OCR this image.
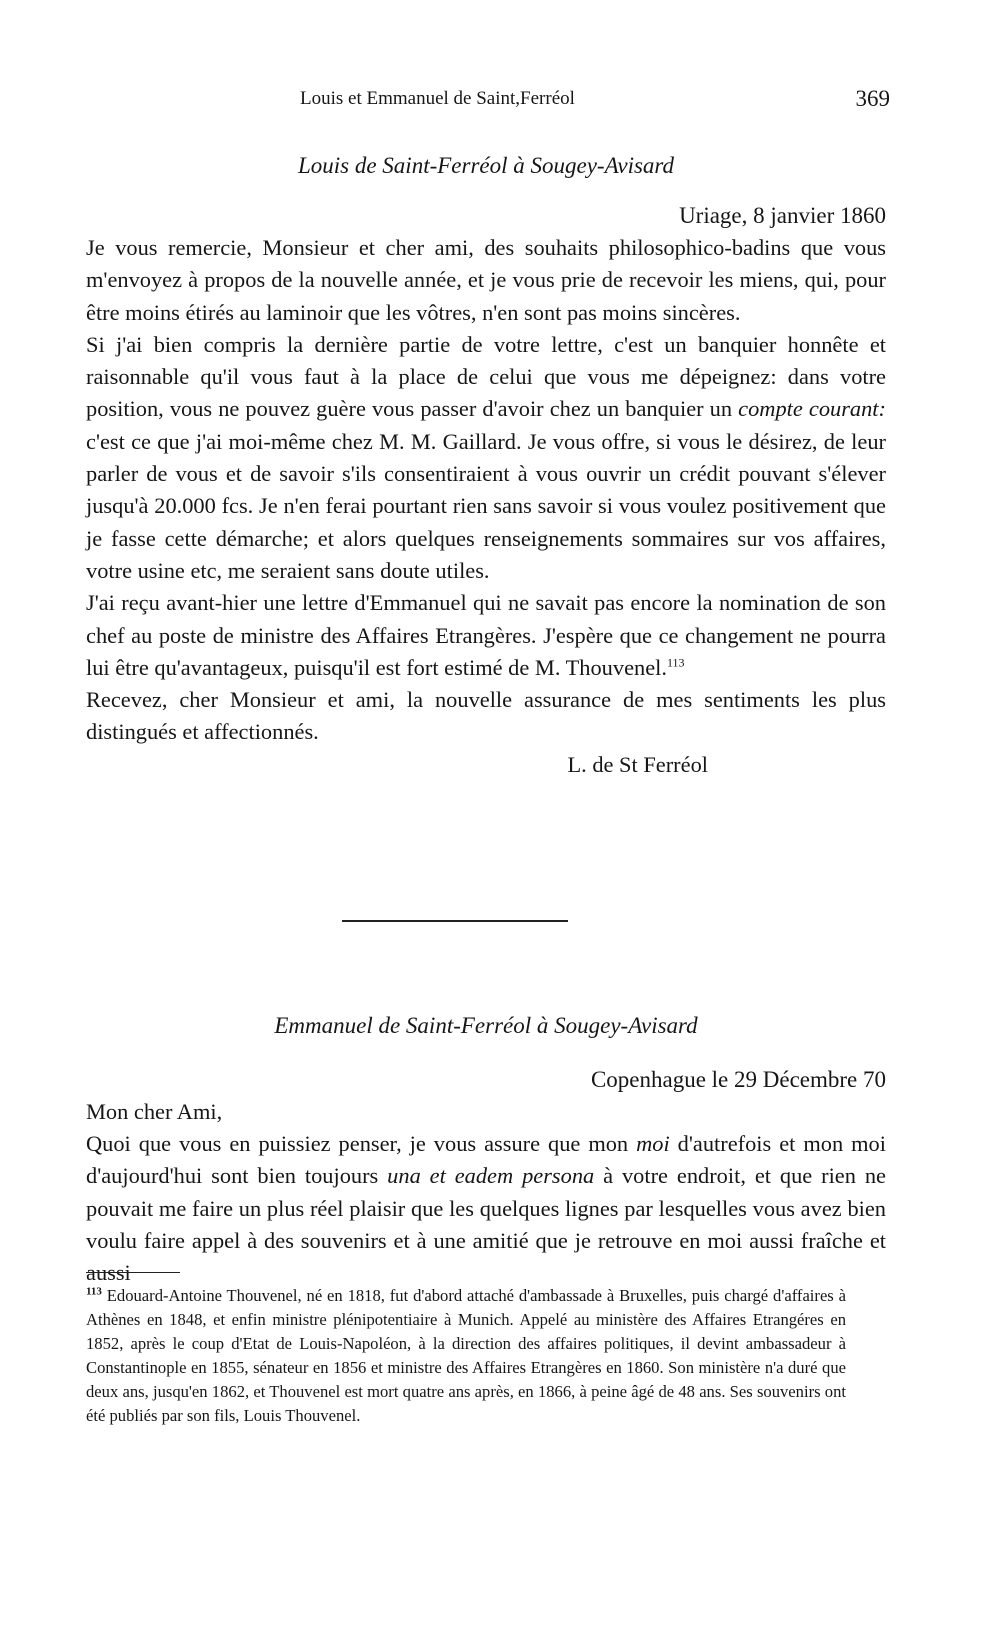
Louis et Emmanuel de Saint,Ferréol	369

Louis de Saint-Ferréol à Sougey-Avisard

Uriage, 8 janvier 1860

Je vous remercie, Monsieur et cher ami, des souhaits philosophico-badins que vous m'envoyez à propos de la nouvelle année, et je vous prie de recevoir les miens, qui, pour être moins étirés au laminoir que les vôtres, n'en sont pas moins sincères.

Si j'ai bien compris la dernière partie de votre lettre, c'est un banquier honnête et raisonnable qu'il vous faut à la place de celui que vous me dépeignez: dans votre position, vous ne pouvez guère vous passer d'avoir chez un banquier un compte courant: c'est ce que j'ai moi-même chez M. M. Gaillard. Je vous offre, si vous le désirez, de leur parler de vous et de savoir s'ils consentiraient à vous ouvrir un crédit pouvant s'élever jusqu'à 20.000 fcs. Je n'en ferai pourtant rien sans savoir si vous voulez positivement que je fasse cette démarche; et alors quelques renseignements sommaires sur vos affaires, votre usine etc, me seraient sans doute utiles.

J'ai reçu avant-hier une lettre d'Emmanuel qui ne savait pas encore la nomination de son chef au poste de ministre des Affaires Etrangères. J'espère que ce changement ne pourra lui être qu'avantageux, puisqu'il est fort estimé de M. Thouvenel.$^{113}$

Recevez, cher Monsieur et ami, la nouvelle assurance de mes sentiments les plus distingués et affectionnés.

L. de St Ferréol

Emmanuel de Saint-Ferréol à Sougey-Avisard

Copenhague le 29 Décembre 70

Mon cher Ami,

Quoi que vous en puissiez penser, je vous assure que mon moi d'autrefois et mon moi d'aujourd'hui sont bien toujours una et eadem persona à votre endroit, et que rien ne pouvait me faire un plus réel plaisir que les quelques lignes par lesquelles vous avez bien voulu faire appel à des souvenirs et à une amitié que je retrouve en moi aussi fraîche et aussi

$^{113}$ Edouard-Antoine Thouvenel, né en 1818, fut d'abord attaché d'ambassade à Bruxelles, puis chargé d'affaires à Athènes en 1848, et enfin ministre plénipotentiaire à Munich. Appelé au ministère des Affaires Etrangéres en 1852, après le coup d'Etat de Louis-Napoléon, à la direction des affaires politiques, il devint ambassadeur à Constantinople en 1855, sénateur en 1856 et ministre des Affaires Etrangères en 1860. Son ministère n'a duré que deux ans, jusqu'en 1862, et Thouvenel est mort quatre ans après, en 1866, à peine âgé de 48 ans. Ses souvenirs ont été publiés par son fils, Louis Thouvenel.
